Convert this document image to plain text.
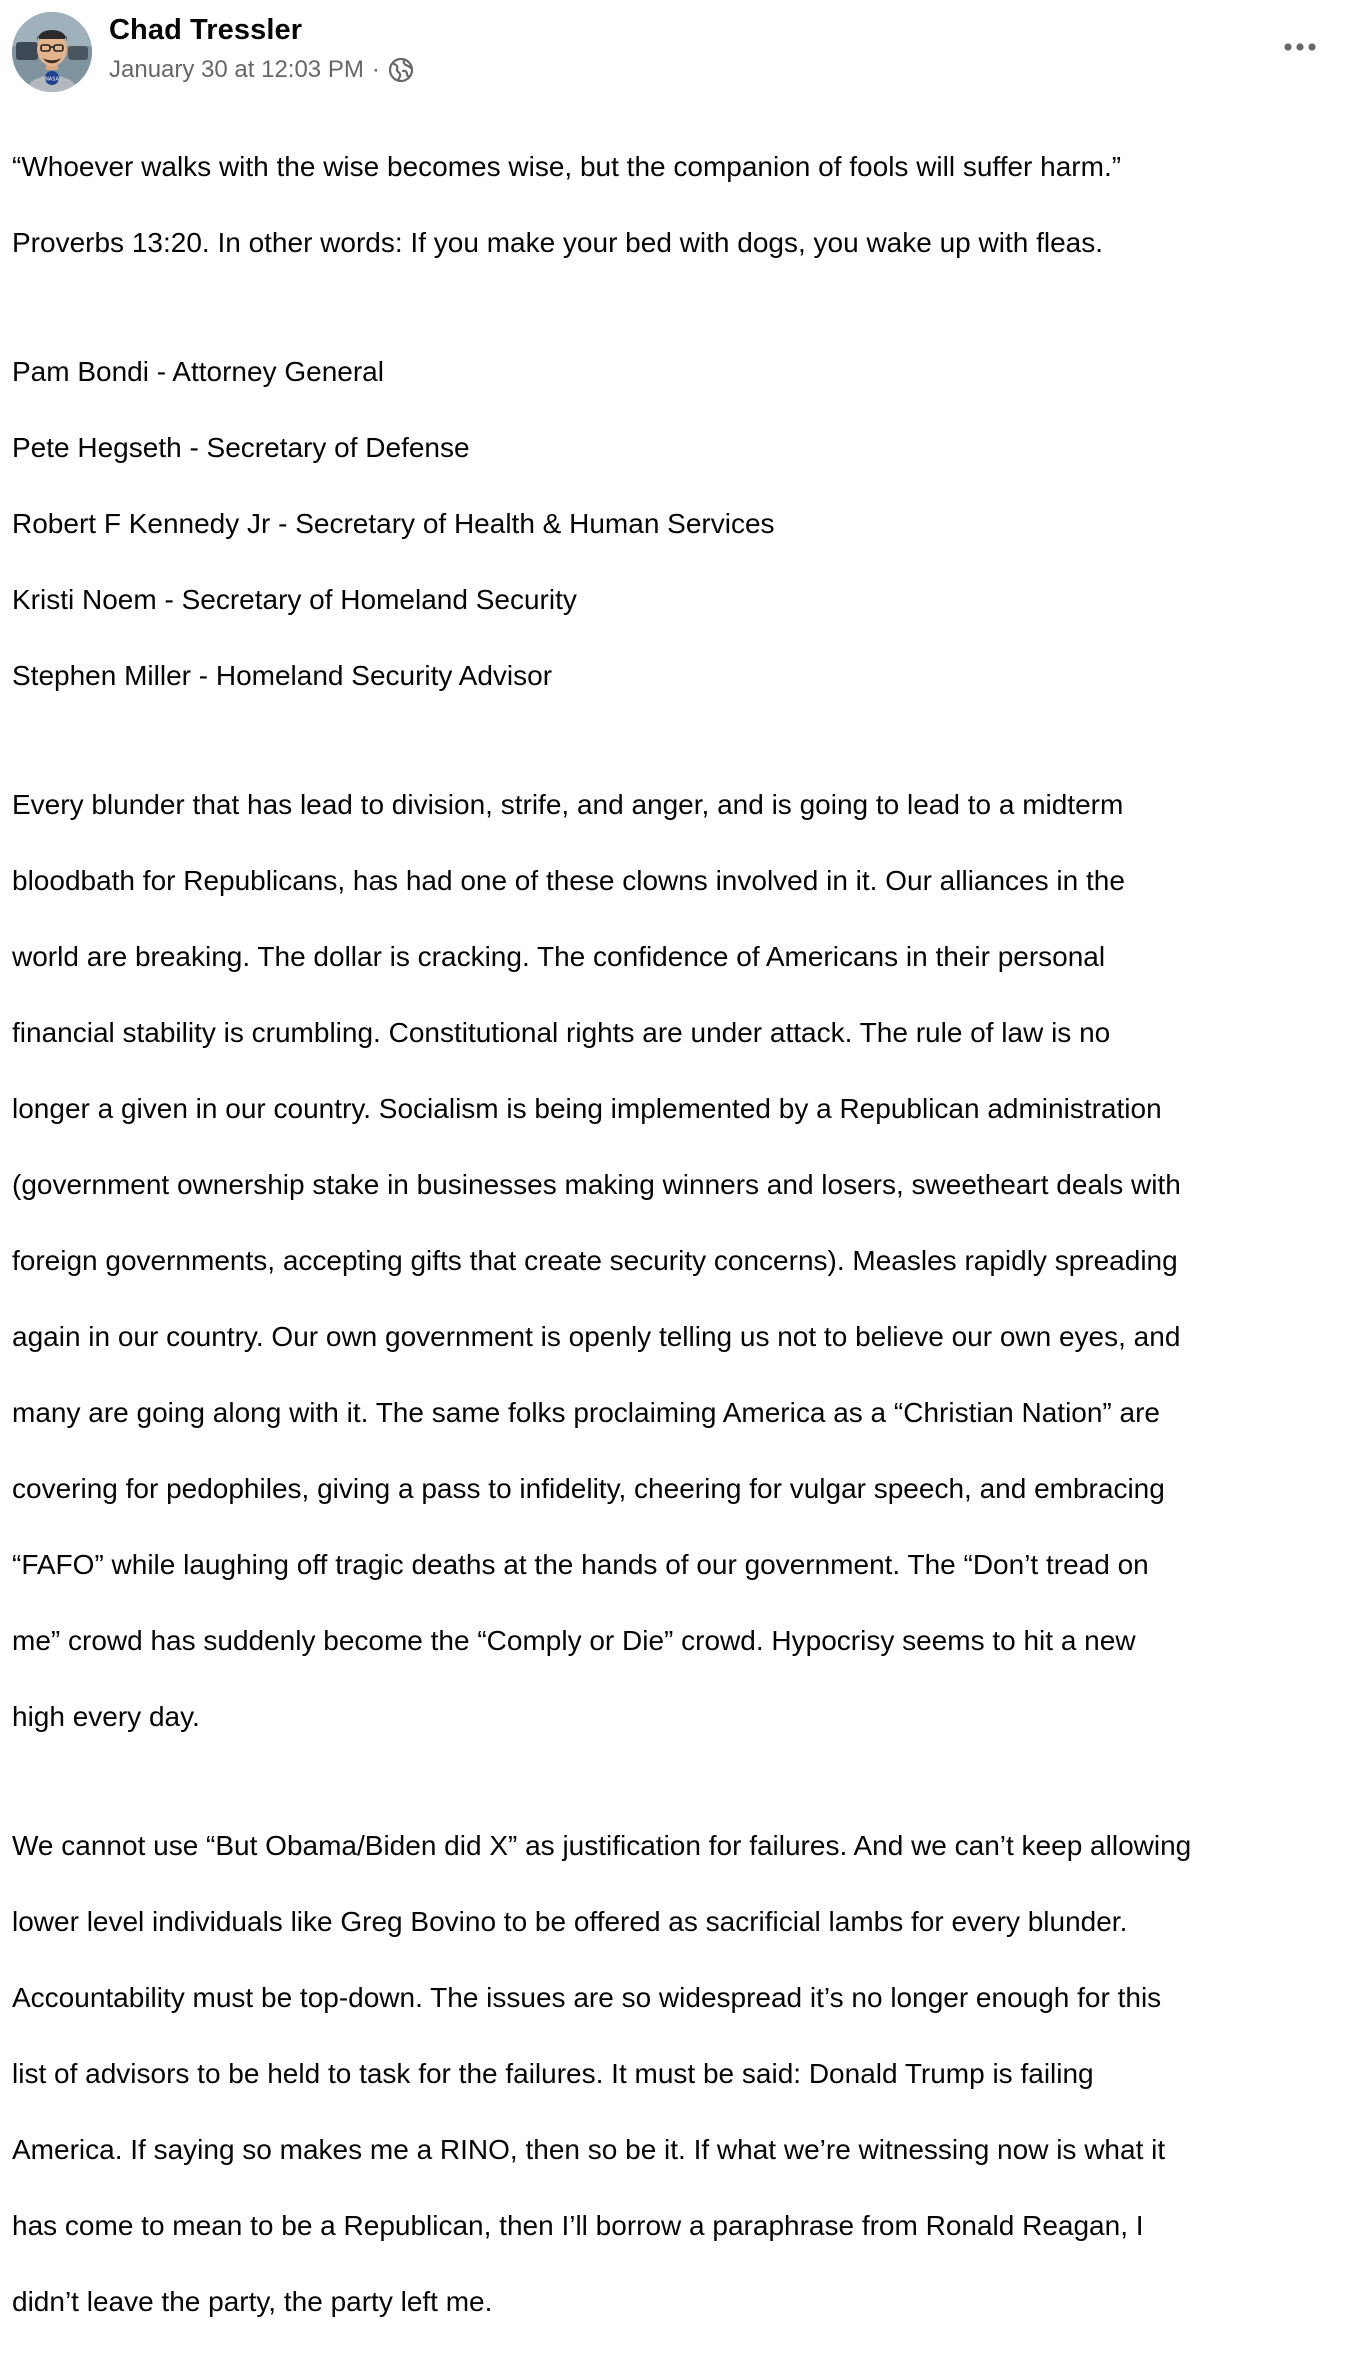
NASA
Chad Tressler
January 30 at 12:03 PM ·

“Whoever walks with the wise becomes wise, but the companion of fools will suffer harm.”

Proverbs 13:20. In other words: If you make your bed with dogs, you wake up with fleas.

Pam Bondi - Attorney General

Pete Hegseth - Secretary of Defense

Robert F Kennedy Jr - Secretary of Health & Human Services

Kristi Noem - Secretary of Homeland Security

Stephen Miller - Homeland Security Advisor

Every blunder that has lead to division, strife, and anger, and is going to lead to a midterm

bloodbath for Republicans, has had one of these clowns involved in it. Our alliances in the

world are breaking. The dollar is cracking. The confidence of Americans in their personal

financial stability is crumbling. Constitutional rights are under attack. The rule of law is no

longer a given in our country. Socialism is being implemented by a Republican administration

(government ownership stake in businesses making winners and losers, sweetheart deals with

foreign governments, accepting gifts that create security concerns). Measles rapidly spreading

again in our country. Our own government is openly telling us not to believe our own eyes, and

many are going along with it. The same folks proclaiming America as a “Christian Nation” are

covering for pedophiles, giving a pass to infidelity, cheering for vulgar speech, and embracing

“FAFO” while laughing off tragic deaths at the hands of our government. The “Don’t tread on

me” crowd has suddenly become the “Comply or Die” crowd. Hypocrisy seems to hit a new

high every day.

We cannot use “But Obama/Biden did X” as justification for failures. And we can’t keep allowing

lower level individuals like Greg Bovino to be offered as sacrificial lambs for every blunder.

Accountability must be top-down. The issues are so widespread it’s no longer enough for this

list of advisors to be held to task for the failures. It must be said: Donald Trump is failing

America. If saying so makes me a RINO, then so be it. If what we’re witnessing now is what it

has come to mean to be a Republican, then I’ll borrow a paraphrase from Ronald Reagan, I

didn’t leave the party, the party left me.
